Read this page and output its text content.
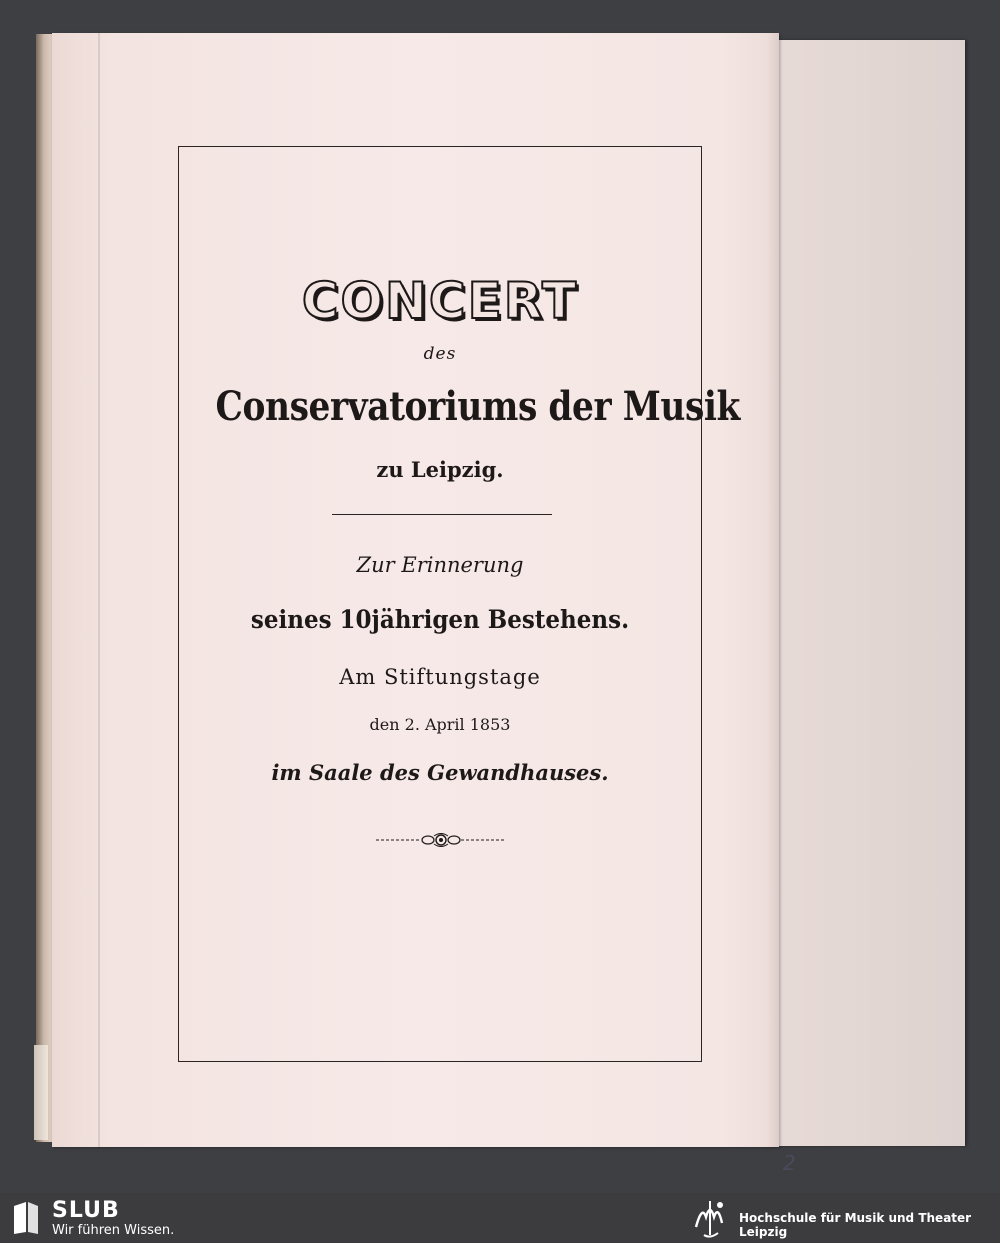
CONCERT
des
Conservatoriums der Musik
zu Leipzig.
Zur Erinnerung
seines 10jährigen Bestehens.
Am Stiftungstage
den 2. April 1853
im Saale des Gewandhauses.
2
SLUB
Wir führen Wissen.
Hochschule für Musik und Theater Leipzig
